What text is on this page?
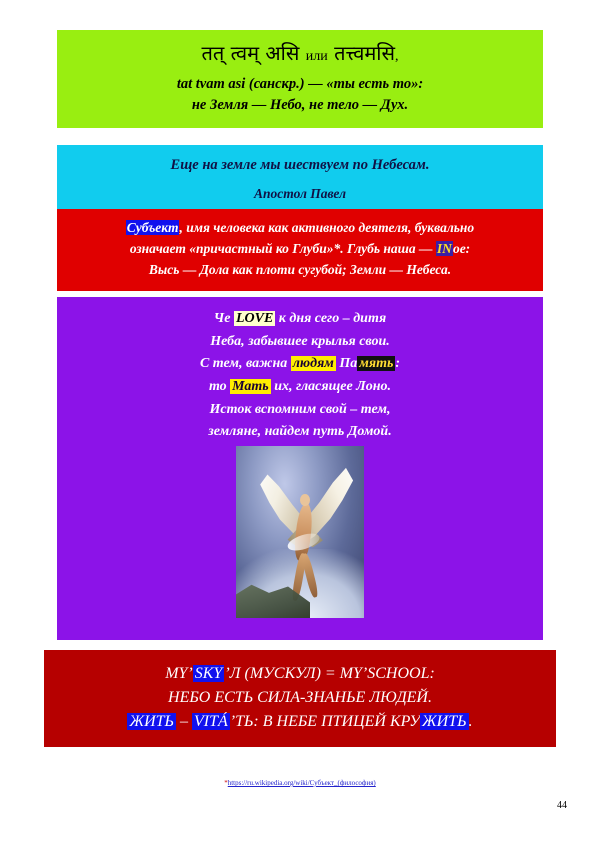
तत् त्वम् असि или तत्त्वमसि,
tat tvam asi (санскр.) — «ты есть то»:
не Земля — Небо, не тело — Дух.
Еще на земле мы шествуем по Небесам.
Апостол Павел
Субъект, имя человека как активного деятеля, буквально
означает «причастный ко Глуби»*. Глубь наша — INое:
Высь — Дола как плоти сугубой; Земли — Небеса.
Че LOVE к дня сего – дитя
Неба, забывшее крылья свои.
С тем, важна людям Па мять :
то Мать их, гласящее Лоно.
Исток вспомним свой – тем,
земляне, найдем путь Домой.
MY’ SKY ’Л (МУСКУЛ) = MY’SCHOOL:
НЕБО ЕСТЬ СИЛА-ЗНАНЬЕ ЛЮДЕЙ.
ЖИТЬ – VITÁ ’ТЬ: В НЕБЕ ПТИЦЕЙ КРУ ЖИТЬ .
*https://ru.wikipedia.org/wiki/Субъект_(философия)
44
